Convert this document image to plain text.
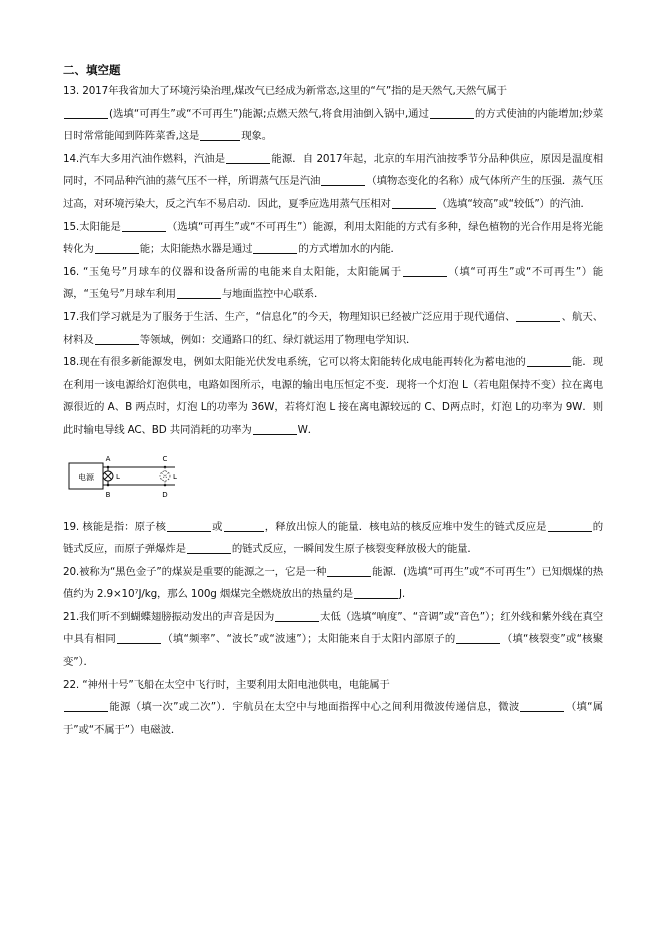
二、填空题

13. 2017年我省加大了环境污染治理,煤改气已经成为新常态,这里的“气”指的是天然气,天然气属于
(选填“可再生”或“不可再生”)能源;点燃天然气,将食用油倒入锅中,通过	的方式使油的内能增加;炒菜日时常常能闻到阵阵菜香,这是	现象。

14.汽车大多用汽油作燃料，汽油是	能源．自 2017年起，北京的车用汽油按季节分品种供应，原因是温度相同时，不同品种汽油的蒸气压不一样，所谓蒸气压是汽油	（填物态变化的名称）成气体所产生的压强．蒸气压过高，对环境污染大，反之汽车不易启动．因此，夏季应选用蒸气压相对	（选填“较高”或“较低”）的汽油．

15.太阳能是	（选填“可再生”或“不可再生”）能源，利用太阳能的方式有多种，绿色植物的光合作用是将光能转化为	能；太阳能热水器是通过	的方式增加水的内能．

16. “玉兔号”月球车的仪器和设备所需的电能来自太阳能，太阳能属于	（填“可再生”或“不可再生”）能源，“玉兔号”月球车利用	与地面监控中心联系．

17.我们学习就是为了服务于生活、生产，“信息化”的今天，物理知识已经被广泛应用于现代通信、	、航天、材料及	等领域，例如：交通路口的红、绿灯就运用了物理电学知识．

18.现在有很多新能源发电，例如太阳能光伏发电系统，它可以将太阳能转化成电能再转化为蓄电池的	能．现在利用一该电源给灯泡供电，电路如图所示，电源的输出电压恒定不变．现将一个灯泡 L（若电阻保持不变）拉在离电源很近的 A、B 两点时，灯泡 L的功率为 36W，若将灯泡 L 接在离电源较远的 C、D两点时，灯泡 L的功率为 9W．则此时输电导线 AC、BD 共同消耗的功率为	W．

电源	L	L
A
B
C
D

19. 核能是指：原子核	或	，释放出惊人的能量．核电站的核反应堆中发生的链式反应是	的链式反应，而原子弹爆炸是	的链式反应，一瞬间发生原子核裂变释放极大的能量．

20.被称为“黑色金子”的煤炭是重要的能源之一，它是一种	能源．(选填“可再生”或“不可再生”）已知烟煤的热值约为 2.9×10⁷J/kg，那么 100g 烟煤完全燃烧放出的热量约是	J.

21.我们听不到蝴蝶翅膀振动发出的声音是因为	太低（选填“响度”、“音调”或“音色”）；红外线和紫外线在真空中具有相同	（填“频率”、“波长”或“波速”）；太阳能来自于太阳内部原子的	（填“核裂变”或“核聚变”）．

22. “神州十号”飞船在太空中飞行时，主要利用太阳电池供电，电能属于
能源（填一次”或二次”）．宇航员在太空中与地面指挥中心之间利用微波传递信息，微波	（填“属于”或“不属于”）电磁波．
